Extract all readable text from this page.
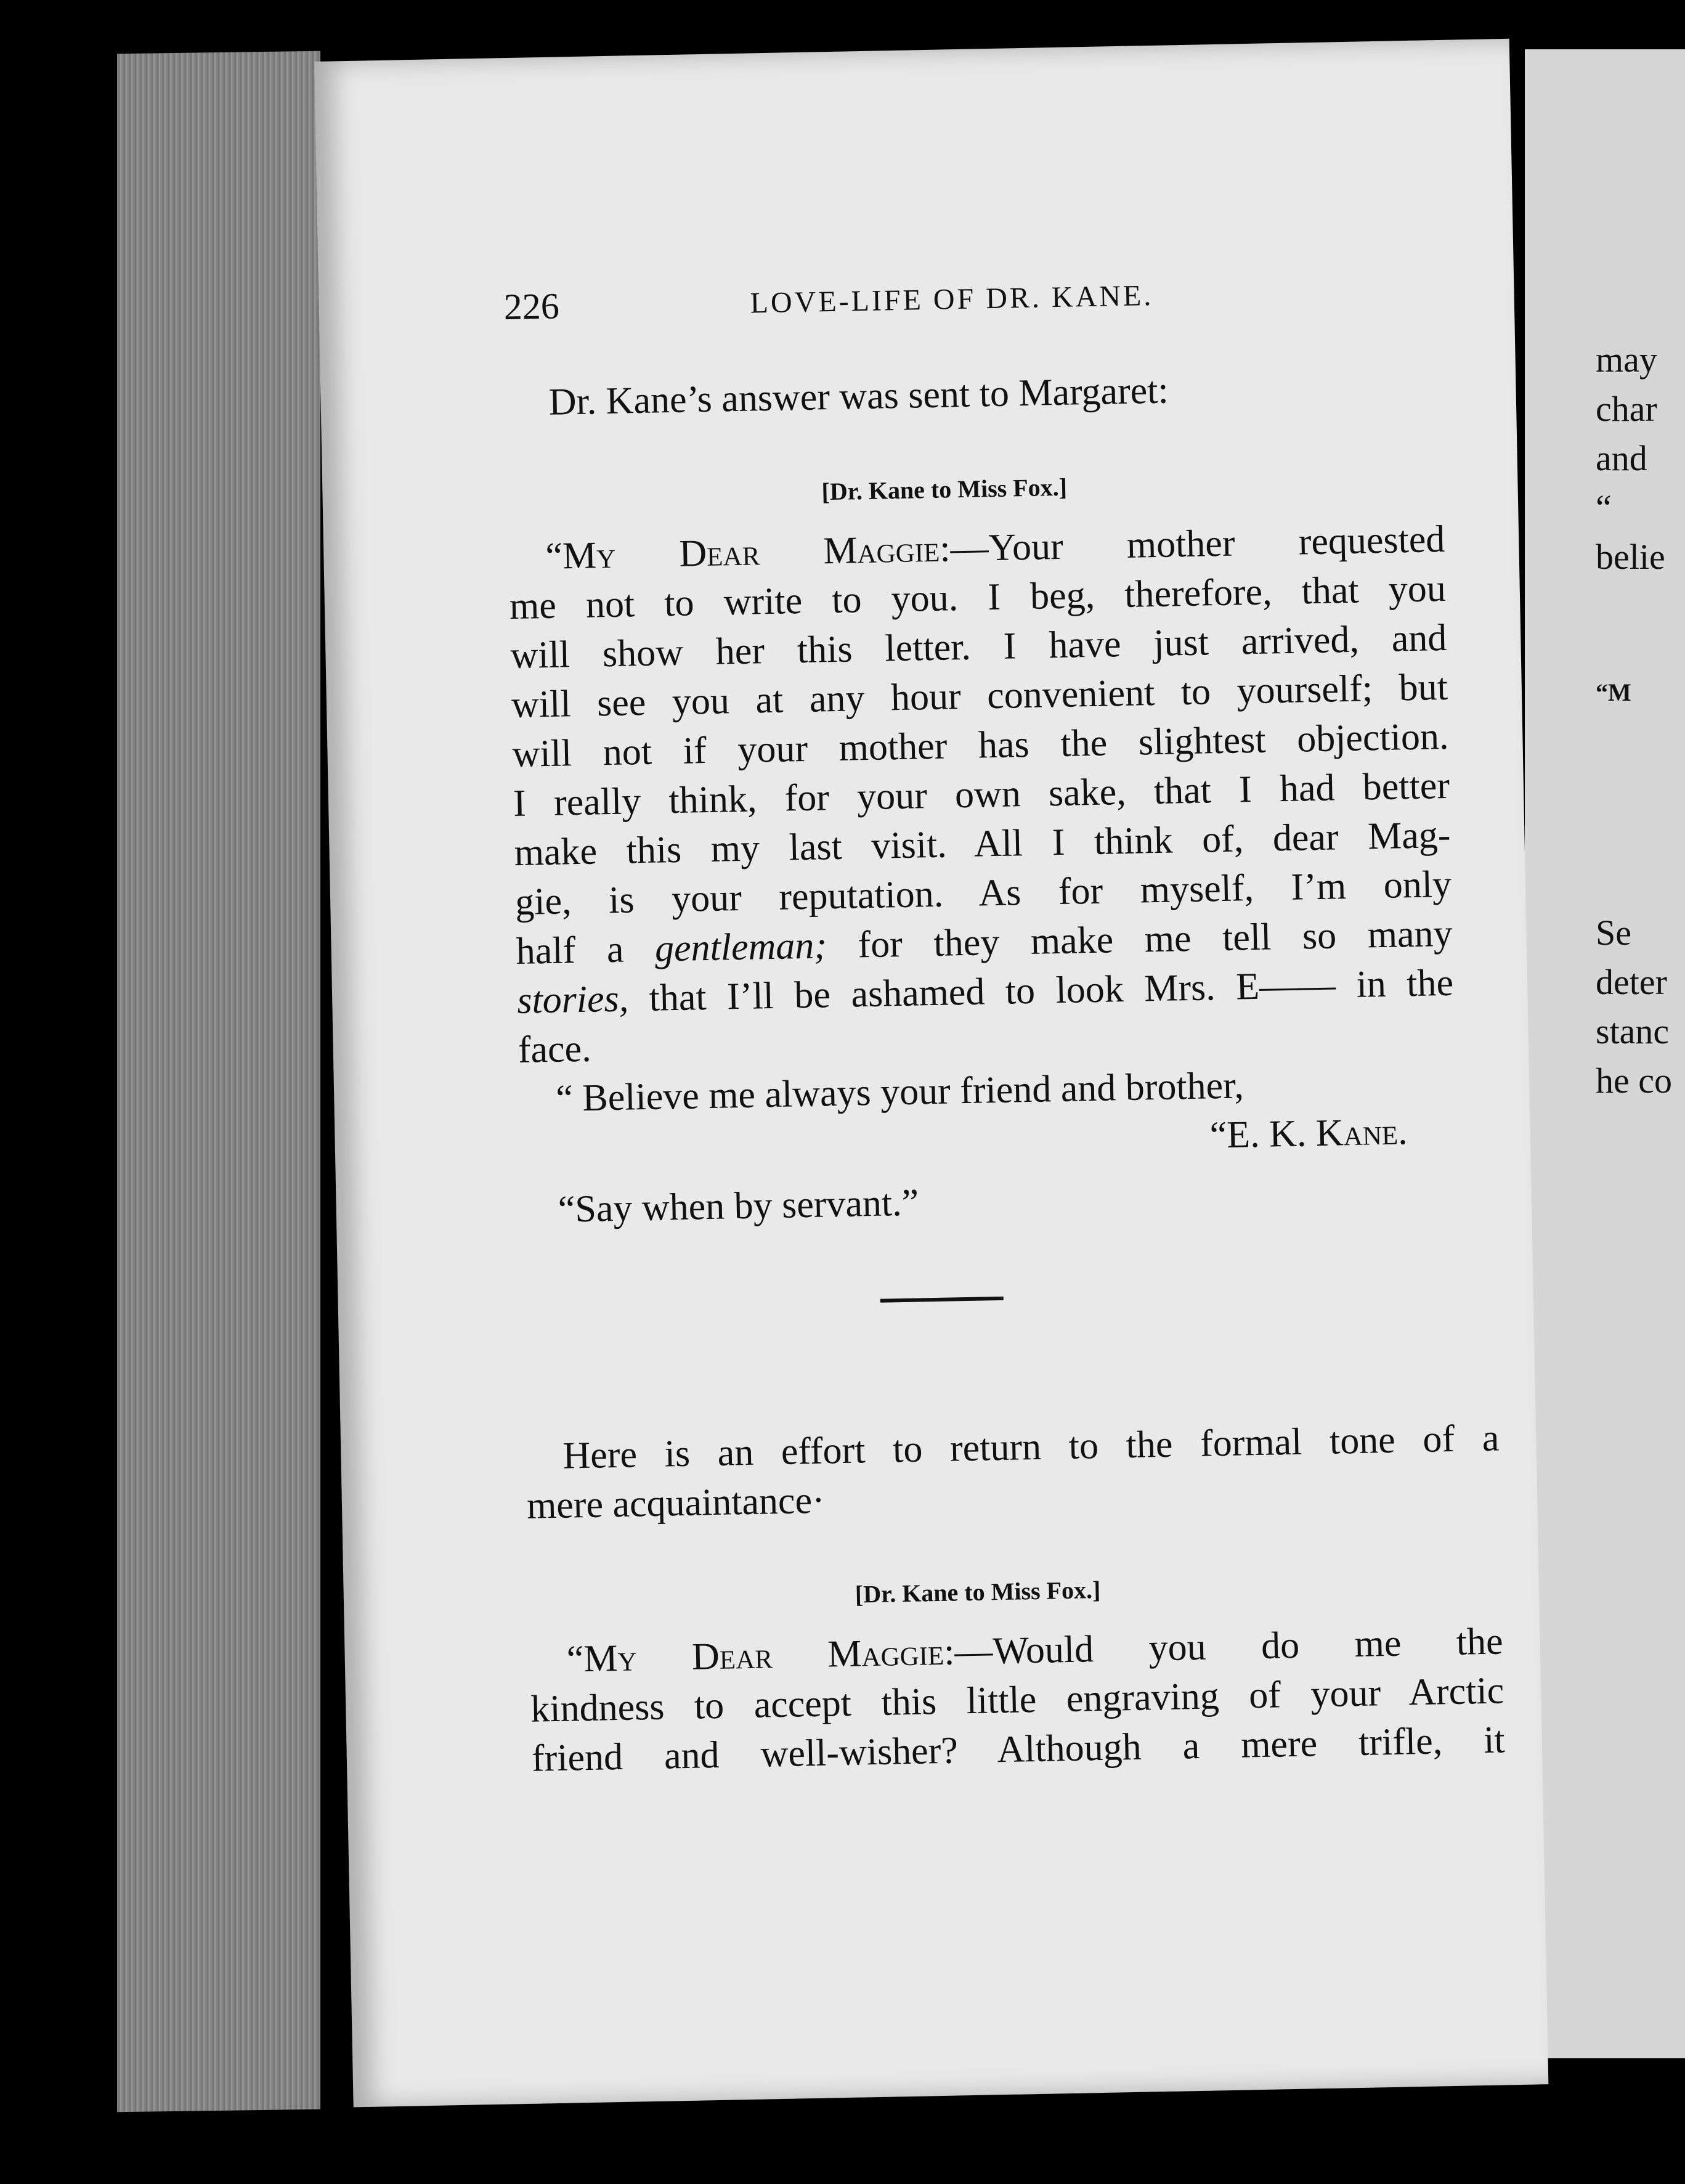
may
char
and
“
belie
“M
Se
deter
stanc
he co
226	LOVE-LIFE OF DR. KANE.
Dr. Kane’s answer was sent to Margaret:
[Dr. Kane to Miss Fox.]
“My Dear Maggie:—Your mother requested
me not to write to you. I beg, therefore, that you
will show her this letter. I have just arrived, and
will see you at any hour convenient to yourself; but
will not if your mother has the slightest objection.
I really think, for your own sake, that I had better
make this my last visit. All I think of, dear Mag-
gie, is your reputation. As for myself, I’m only
half a gentleman; for they make me tell so many
stories, that I’ll be ashamed to look Mrs. E—— in the
face.
“ Believe me always your friend and brother,
“E. K. Kane.
“Say when by servant.”
Here is an effort to return to the formal tone of a
mere acquaintance·
[Dr. Kane to Miss Fox.]
“My Dear Maggie:—Would you do me the
kindness to accept this little engraving of your Arctic
friend and well-wisher? Although a mere trifle, it
